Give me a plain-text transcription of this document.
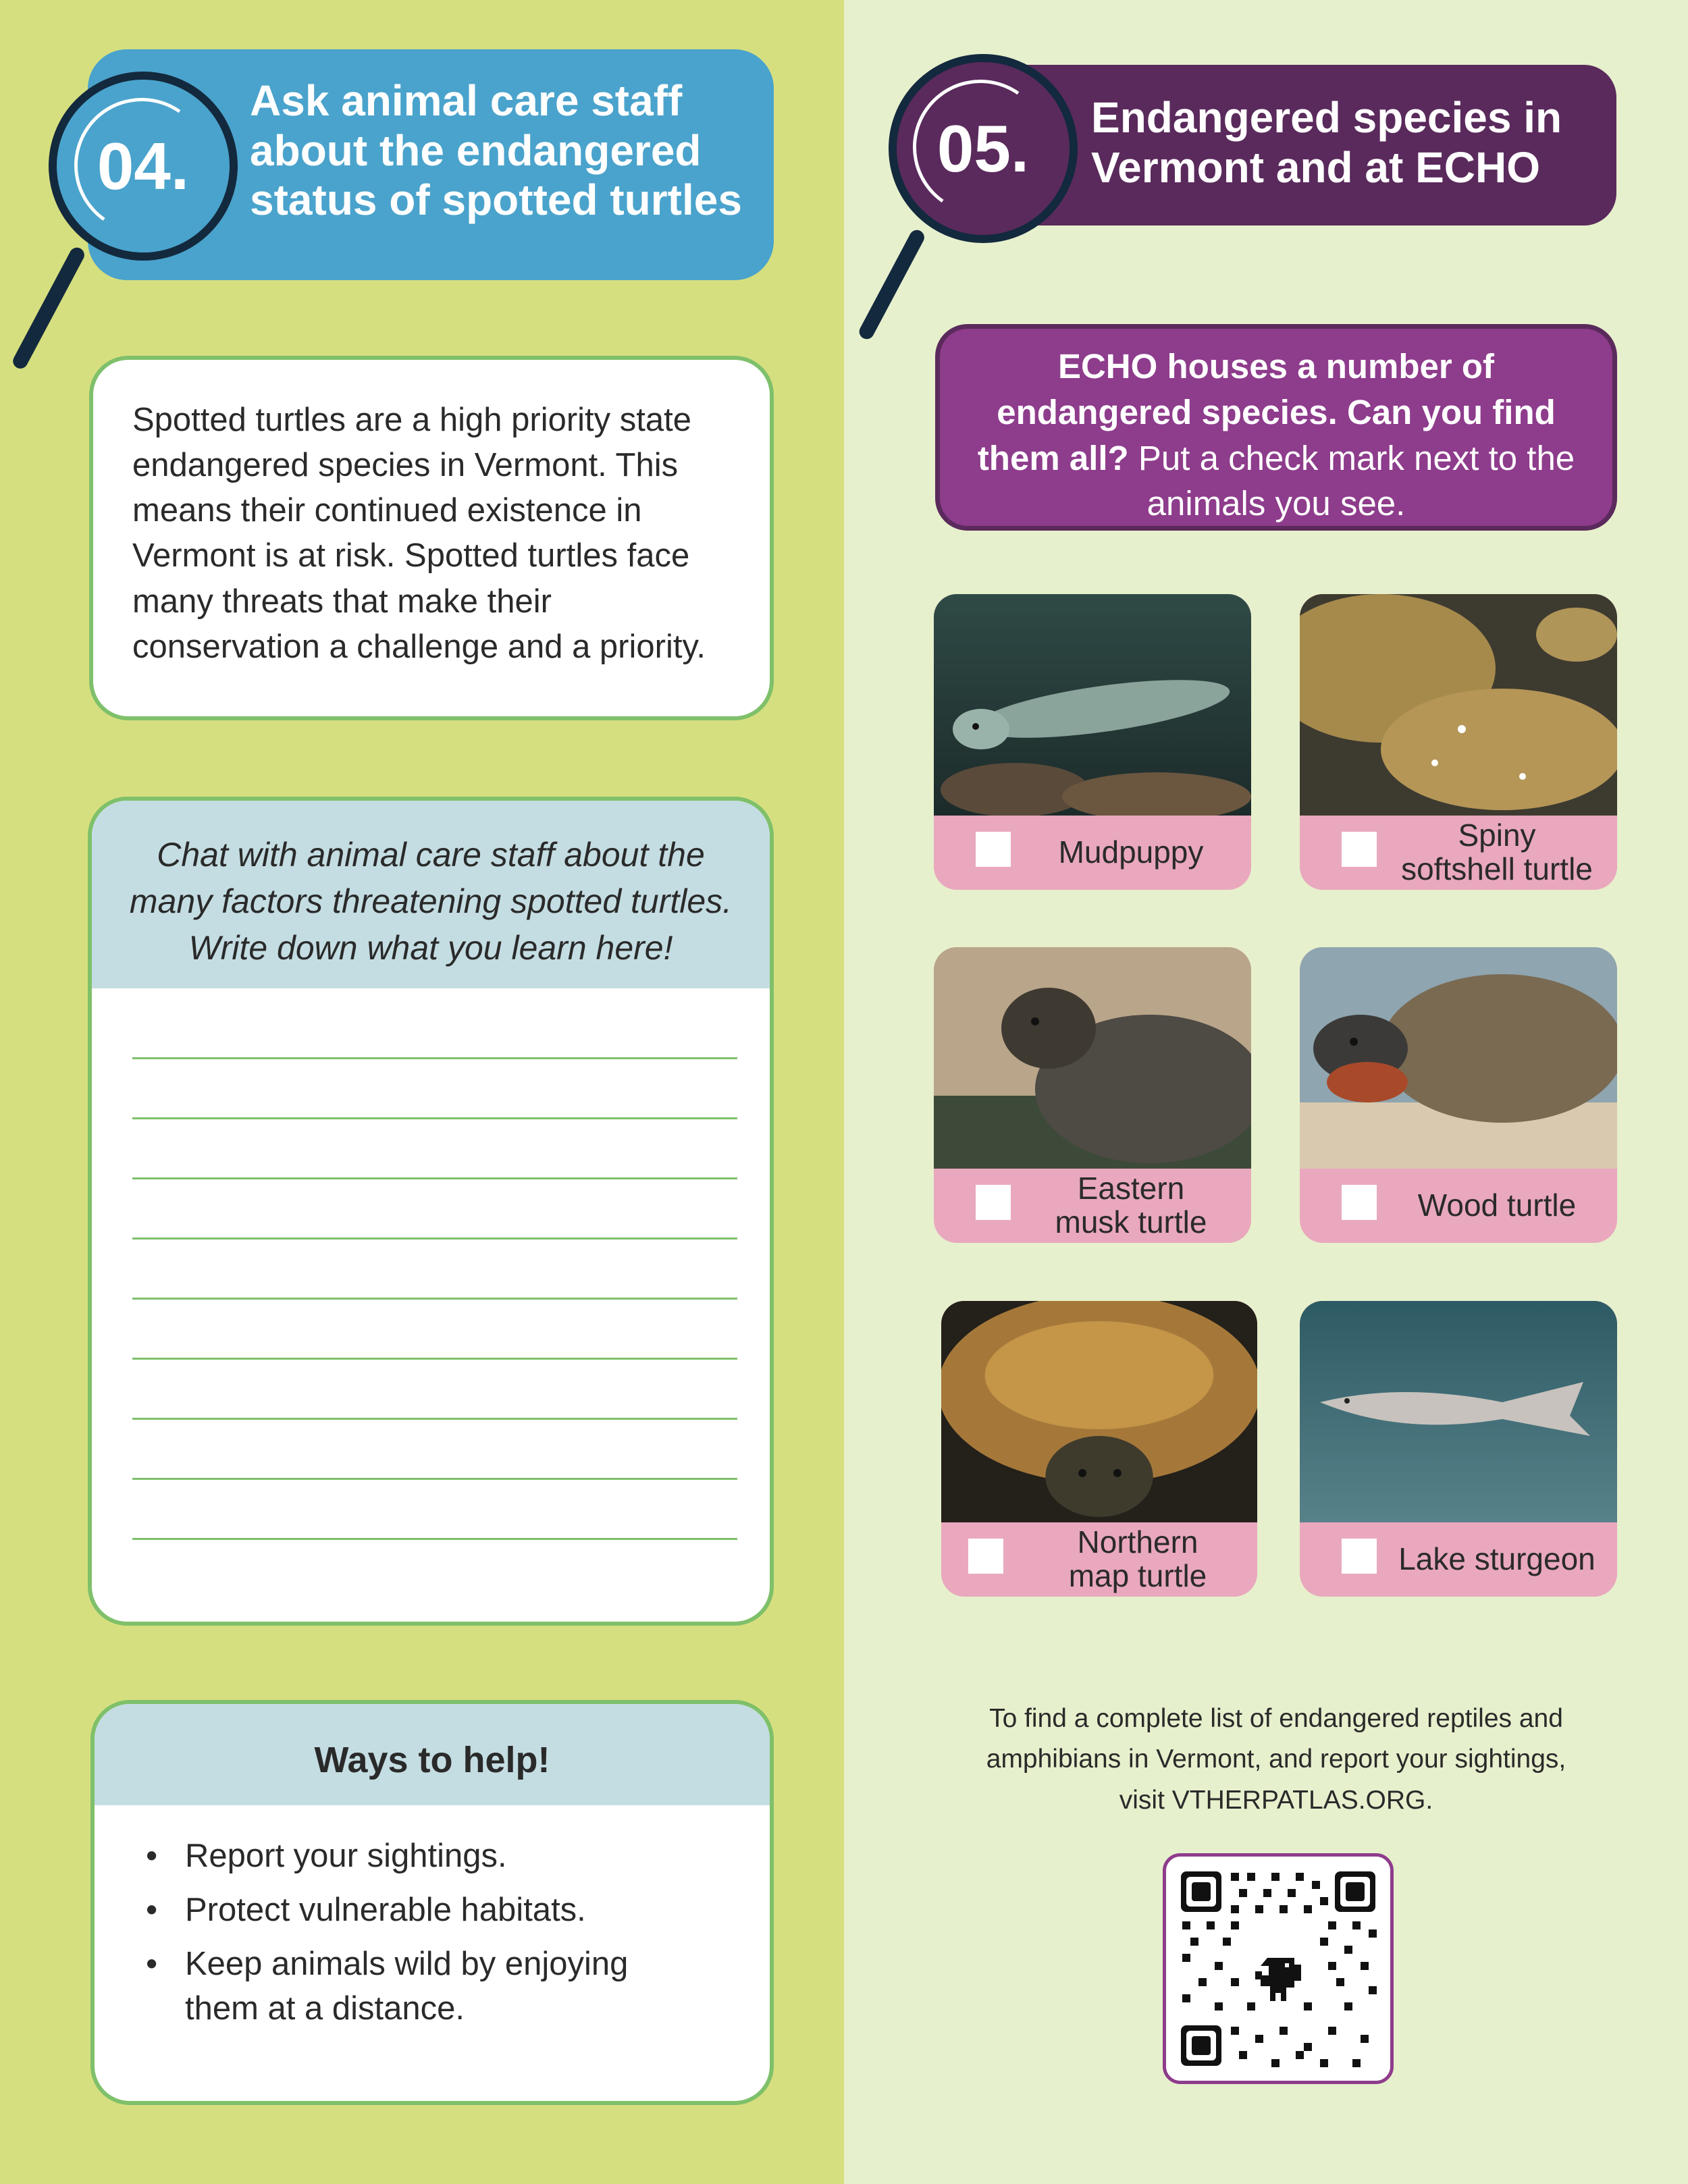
Ask animal care staff
about the endangered
status of spotted turtles
04.
Spotted turtles are a high priority state
endangered species in Vermont. This
means their continued existence in
Vermont is at risk. Spotted turtles face
many threats that make their
conservation a challenge and a priority.
Chat with animal care staff about the
many factors threatening spotted turtles.
Write down what you learn here!
Ways to help!
• Report your sightings.
• Protect vulnerable habitats.
• Keep animals wild by enjoying them at a distance.
Endangered species in
Vermont and at ECHO
05.
ECHO houses a number of
endangered species. Can you find
them all? Put a check mark next to the
animals you see.
Mudpuppy	Spiny
softshell turtle
Eastern
musk turtle	Wood turtle
Northern
map turtle	Lake sturgeon
To find a complete list of endangered reptiles and
amphibians in Vermont, and report your sightings,
visit VTHERPATLAS.ORG.
